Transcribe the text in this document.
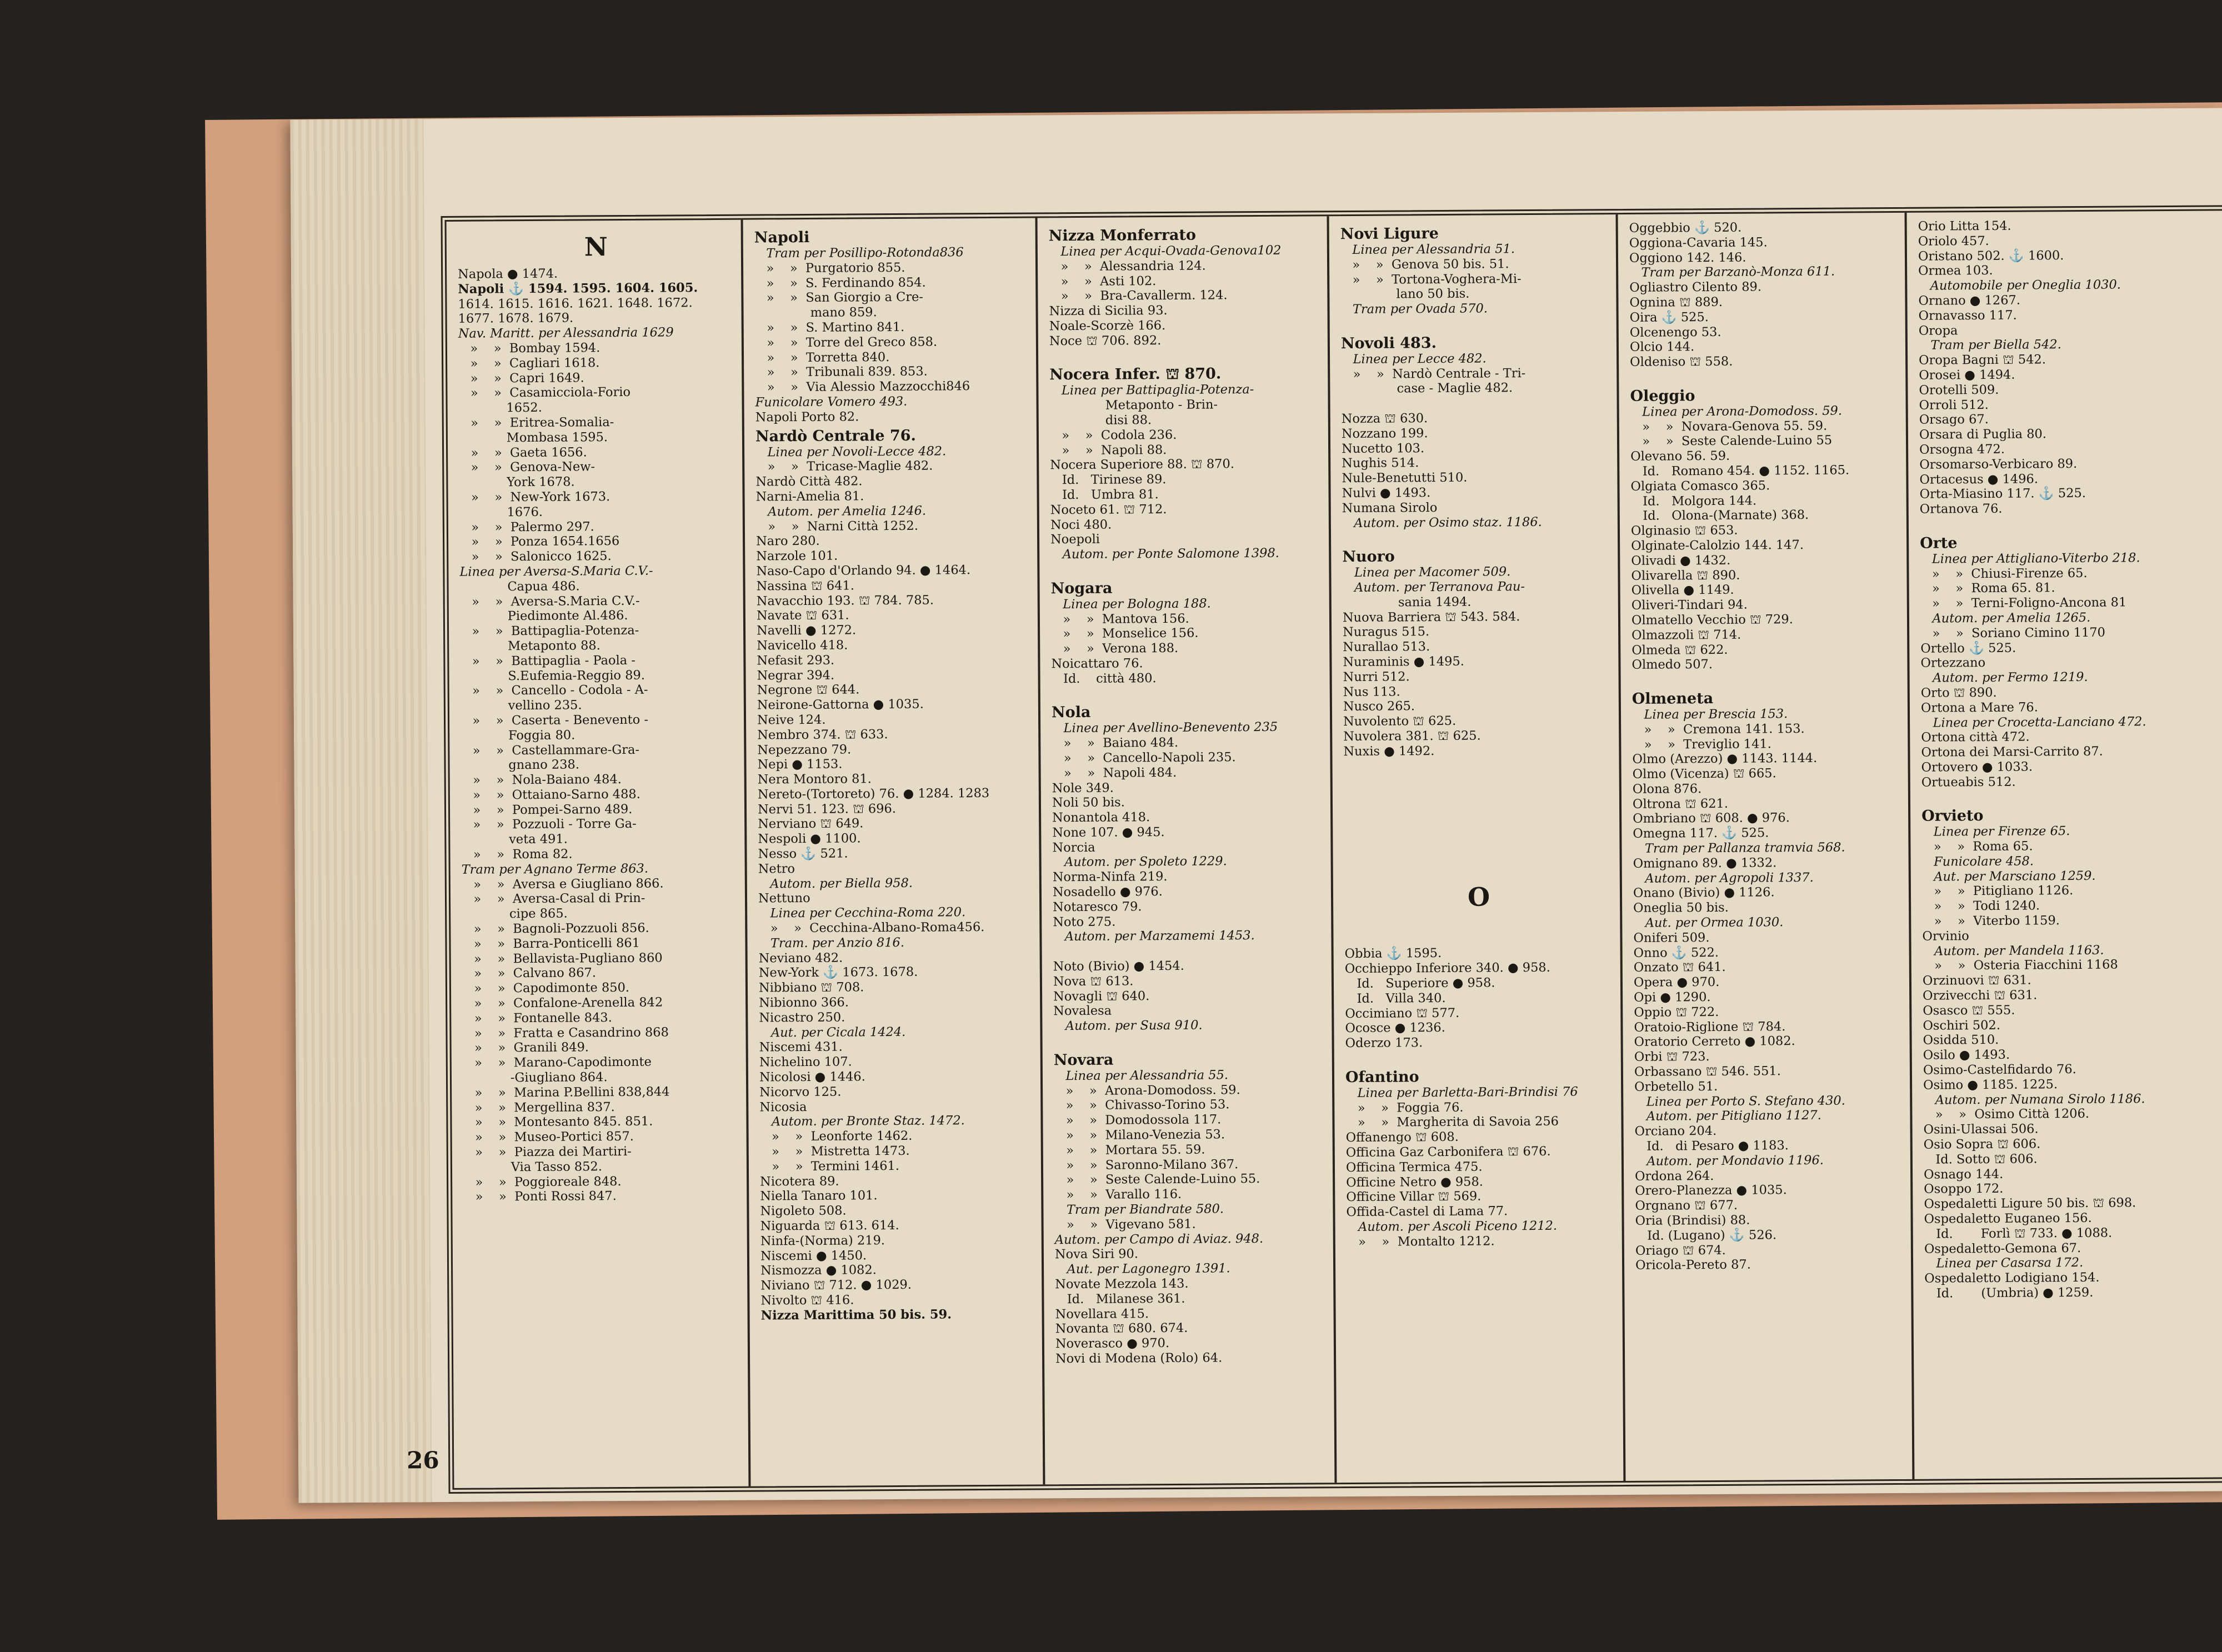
26
N
Napola ● 1474.
Napoli ⚓ 1594. 1595. 1604. 1605.
1614. 1615. 1616. 1621. 1648. 1672.
1677. 1678. 1679.
Nav. Maritt. per Alessandria 1629
»    »  Bombay 1594.
»    »  Cagliari 1618.
»    »  Capri 1649.
»    »  Casamicciola-Forio
1652.
»    »  Eritrea-Somalia-
Mombasa 1595.
»    »  Gaeta 1656.
»    »  Genova-New-
York 1678.
»    »  New-York 1673.
1676.
»    »  Palermo 297.
»    »  Ponza 1654.1656
»    »  Salonicco 1625.
Linea per Aversa-S.Maria C.V.-
Capua 486.
»    »  Aversa-S.Maria C.V.-
Piedimonte Al.486.
»    »  Battipaglia-Potenza-
Metaponto 88.
»    »  Battipaglia - Paola -
S.Eufemia-Reggio 89.
»    »  Cancello - Codola - A-
vellino 235.
»    »  Caserta - Benevento -
Foggia 80.
»    »  Castellammare-Gra-
gnano 238.
»    »  Nola-Baiano 484.
»    »  Ottaiano-Sarno 488.
»    »  Pompei-Sarno 489.
»    »  Pozzuoli - Torre Ga-
veta 491.
»    »  Roma 82.
Tram per Agnano Terme 863.
»    »  Aversa e Giugliano 866.
»    »  Aversa-Casal di Prin-
cipe 865.
»    »  Bagnoli-Pozzuoli 856.
»    »  Barra-Ponticelli 861
»    »  Bellavista-Pugliano 860
»    »  Calvano 867.
»    »  Capodimonte 850.
»    »  Confalone-Arenella 842
»    »  Fontanelle 843.
»    »  Fratta e Casandrino 868
»    »  Granili 849.
»    »  Marano-Capodimonte
-Giugliano 864.
»    »  Marina P.Bellini 838,844
»    »  Mergellina 837.
»    »  Montesanto 845. 851.
»    »  Museo-Portici 857.
»    »  Piazza dei Martiri-
Via Tasso 852.
»    »  Poggioreale 848.
»    »  Ponti Rossi 847.
Napoli
Tram per Posillipo-Rotonda836
»    »  Purgatorio 855.
»    »  S. Ferdinando 854.
»    »  San Giorgio a Cre-
mano 859.
»    »  S. Martino 841.
»    »  Torre del Greco 858.
»    »  Torretta 840.
»    »  Tribunali 839. 853.
»    »  Via Alessio Mazzocchi846
Funicolare Vomero 493.
Napoli Porto 82.
Nardò Centrale 76.
Linea per Novoli-Lecce 482.
»    »  Tricase-Maglie 482.
Nardò Città 482.
Narni-Amelia 81.
Autom. per Amelia 1246.
»    »  Narni Città 1252.
Naro 280.
Narzole 101.
Naso-Capo d'Orlando 94. ● 1464.
Nassina ⛫ 641.
Navacchio 193. ⛫ 784. 785.
Navate ⛫ 631.
Navelli ● 1272.
Navicello 418.
Nefasit 293.
Negrar 394.
Negrone ⛫ 644.
Neirone-Gattorna ● 1035.
Neive 124.
Nembro 374. ⛫ 633.
Nepezzano 79.
Nepi ● 1153.
Nera Montoro 81.
Nereto-(Tortoreto) 76. ● 1284. 1283
Nervi 51. 123. ⛫ 696.
Nerviano ⛫ 649.
Nespoli ● 1100.
Nesso ⚓ 521.
Netro
Autom. per Biella 958.
Nettuno
Linea per Cecchina-Roma 220.
»    »  Cecchina-Albano-Roma456.
Tram. per Anzio 816.
Neviano 482.
New-York ⚓ 1673. 1678.
Nibbiano ⛫ 708.
Nibionno 366.
Nicastro 250.
Aut. per Cicala 1424.
Niscemi 431.
Nichelino 107.
Nicolosi ● 1446.
Nicorvo 125.
Nicosia
Autom. per Bronte Staz. 1472.
»    »  Leonforte 1462.
»    »  Mistretta 1473.
»    »  Termini 1461.
Nicotera 89.
Niella Tanaro 101.
Nigoleto 508.
Niguarda ⛫ 613. 614.
Ninfa-(Norma) 219.
Niscemi ● 1450.
Nismozza ● 1082.
Niviano ⛫ 712. ● 1029.
Nivolto ⛫ 416.
Nizza Marittima 50 bis. 59.
Nizza Monferrato
Linea per Acqui-Ovada-Genova102
»    »  Alessandria 124.
»    »  Asti 102.
»    »  Bra-Cavallerm. 124.
Nizza di Sicilia 93.
Noale-Scorzè 166.
Noce ⛫ 706. 892.

Nocera Infer. ⛫ 870.
Linea per Battipaglia-Potenza-
Metaponto - Brin-
disi 88.
»    »  Codola 236.
»    »  Napoli 88.
Nocera Superiore 88. ⛫ 870.
Id.   Tirinese 89.
Id.   Umbra 81.
Noceto 61. ⛫ 712.
Noci 480.
Noepoli
Autom. per Ponte Salomone 1398.

Nogara
Linea per Bologna 188.
»    »  Mantova 156.
»    »  Monselice 156.
»    »  Verona 188.
Noicattaro 76.
Id.    città 480.

Nola
Linea per Avellino-Benevento 235
»    »  Baiano 484.
»    »  Cancello-Napoli 235.
»    »  Napoli 484.
Nole 349.
Noli 50 bis.
Nonantola 418.
None 107. ● 945.
Norcia
Autom. per Spoleto 1229.
Norma-Ninfa 219.
Nosadello ● 976.
Notaresco 79.
Noto 275.
Autom. per Marzamemi 1453.

Noto (Bivio) ● 1454.
Nova ⛫ 613.
Novagli ⛫ 640.
Novalesa
Autom. per Susa 910.

Novara
Linea per Alessandria 55.
»    »  Arona-Domodoss. 59.
»    »  Chivasso-Torino 53.
»    »  Domodossola 117.
»    »  Milano-Venezia 53.
»    »  Mortara 55. 59.
»    »  Saronno-Milano 367.
»    »  Seste Calende-Luino 55.
»    »  Varallo 116.
Tram per Biandrate 580.
»    »  Vigevano 581.
Autom. per Campo di Aviaz. 948.
Nova Siri 90.
Aut. per Lagonegro 1391.
Novate Mezzola 143.
Id.   Milanese 361.
Novellara 415.
Novanta ⛫ 680. 674.
Noverasco ● 970.
Novi di Modena (Rolo) 64.
Novi Ligure
Linea per Alessandria 51.
»    »  Genova 50 bis. 51.
»    »  Tortona-Voghera-Mi-
lano 50 bis.
Tram per Ovada 570.

Novoli 483.
Linea per Lecce 482.
»    »  Nardò Centrale - Tri-
case - Maglie 482.

Nozza ⛫ 630.
Nozzano 199.
Nucetto 103.
Nughis 514.
Nule-Benetutti 510.
Nulvi ● 1493.
Numana Sirolo
Autom. per Osimo staz. 1186.

Nuoro
Linea per Macomer 509.
Autom. per Terranova Pau-
sania 1494.
Nuova Barriera ⛫ 543. 584.
Nuragus 515.
Nurallao 513.
Nuraminis ● 1495.
Nurri 512.
Nus 113.
Nusco 265.
Nuvolento ⛫ 625.
Nuvolera 381. ⛫ 625.
Nuxis ● 1492.

O

Obbia ⚓ 1595.
Occhieppo Inferiore 340. ● 958.
Id.   Superiore ● 958.
Id.   Villa 340.
Occimiano ⛫ 577.
Ocosce ● 1236.
Oderzo 173.

Ofantino
Linea per Barletta-Bari-Brindisi 76
»    »  Foggia 76.
»    »  Margherita di Savoia 256
Offanengo ⛫ 608.
Officina Gaz Carbonifera ⛫ 676.
Officina Termica 475.
Officine Netro ● 958.
Officine Villar ⛫ 569.
Offida-Castel di Lama 77.
Autom. per Ascoli Piceno 1212.
»    »  Montalto 1212.
Oggebbio ⚓ 520.
Oggiona-Cavaria 145.
Oggiono 142. 146.
Tram per Barzanò-Monza 611.
Ogliastro Cilento 89.
Ognina ⛫ 889.
Oira ⚓ 525.
Olcenengo 53.
Olcio 144.
Oldeniso ⛫ 558.

Oleggio
Linea per Arona-Domodoss. 59.
»    »  Novara-Genova 55. 59.
»    »  Seste Calende-Luino 55
Olevano 56. 59.
Id.   Romano 454. ● 1152. 1165.
Olgiata Comasco 365.
Id.   Molgora 144.
Id.   Olona-(Marnate) 368.
Olginasio ⛫ 653.
Olginate-Calolzio 144. 147.
Olivadi ● 1432.
Olivarella ⛫ 890.
Olivella ● 1149.
Oliveri-Tindari 94.
Olmatello Vecchio ⛫ 729.
Olmazzoli ⛫ 714.
Olmeda ⛫ 622.
Olmedo 507.

Olmeneta
Linea per Brescia 153.
»    »  Cremona 141. 153.
»    »  Treviglio 141.
Olmo (Arezzo) ● 1143. 1144.
Olmo (Vicenza) ⛫ 665.
Olona 876.
Oltrona ⛫ 621.
Ombriano ⛫ 608. ● 976.
Omegna 117. ⚓ 525.
Tram per Pallanza tramvia 568.
Omignano 89. ● 1332.
Autom. per Agropoli 1337.
Onano (Bivio) ● 1126.
Oneglia 50 bis.
Aut. per Ormea 1030.
Oniferi 509.
Onno ⚓ 522.
Onzato ⛫ 641.
Opera ● 970.
Opi ● 1290.
Oppio ⛫ 722.
Oratoio-Riglione ⛫ 784.
Oratorio Cerreto ● 1082.
Orbi ⛫ 723.
Orbassano ⛫ 546. 551.
Orbetello 51.
Linea per Porto S. Stefano 430.
Autom. per Pitigliano 1127.
Orciano 204.
Id.   di Pesaro ● 1183.
Autom. per Mondavio 1196.
Ordona 264.
Orero-Planezza ● 1035.
Orgnano ⛫ 677.
Oria (Brindisi) 88.
Id. (Lugano) ⚓ 526.
Oriago ⛫ 674.
Oricola-Pereto 87.
Orio Litta 154.
Oriolo 457.
Oristano 502. ⚓ 1600.
Ormea 103.
Automobile per Oneglia 1030.
Ornano ● 1267.
Ornavasso 117.
Oropa
Tram per Biella 542.
Oropa Bagni ⛫ 542.
Orosei ● 1494.
Orotelli 509.
Orroli 512.
Orsago 67.
Orsara di Puglia 80.
Orsogna 472.
Orsomarso-Verbicaro 89.
Ortacesus ● 1496.
Orta-Miasino 117. ⚓ 525.
Ortanova 76.

Orte
Linea per Attigliano-Viterbo 218.
»    »  Chiusi-Firenze 65.
»    »  Roma 65. 81.
»    »  Terni-Foligno-Ancona 81
Autom. per Amelia 1265.
»    »  Soriano Cimino 1170
Ortello ⚓ 525.
Ortezzano
Autom. per Fermo 1219.
Orto ⛫ 890.
Ortona a Mare 76.
Linea per Crocetta-Lanciano 472.
Ortona città 472.
Ortona dei Marsi-Carrito 87.
Ortovero ● 1033.
Ortueabis 512.

Orvieto
Linea per Firenze 65.
»    »  Roma 65.
Funicolare 458.
Aut. per Marsciano 1259.
»    »  Pitigliano 1126.
»    »  Todi 1240.
»    »  Viterbo 1159.
Orvinio
Autom. per Mandela 1163.
»    »  Osteria Fiacchini 1168
Orzinuovi ⛫ 631.
Orzivecchi ⛫ 631.
Osasco ⛫ 555.
Oschiri 502.
Osidda 510.
Osilo ● 1493.
Osimo-Castelfidardo 76.
Osimo ● 1185. 1225.
Autom. per Numana Sirolo 1186.
»    »  Osimo Città 1206.
Osini-Ulassai 506.
Osio Sopra ⛫ 606.
Id. Sotto ⛫ 606.
Osnago 144.
Osoppo 172.
Ospedaletti Ligure 50 bis. ⛫ 698.
Ospedaletto Euganeo 156.
Id.       Forlì ⛫ 733. ● 1088.
Ospedaletto-Gemona 67.
Linea per Casarsa 172.
Ospedaletto Lodigiano 154.
Id.       (Umbria) ● 1259.
